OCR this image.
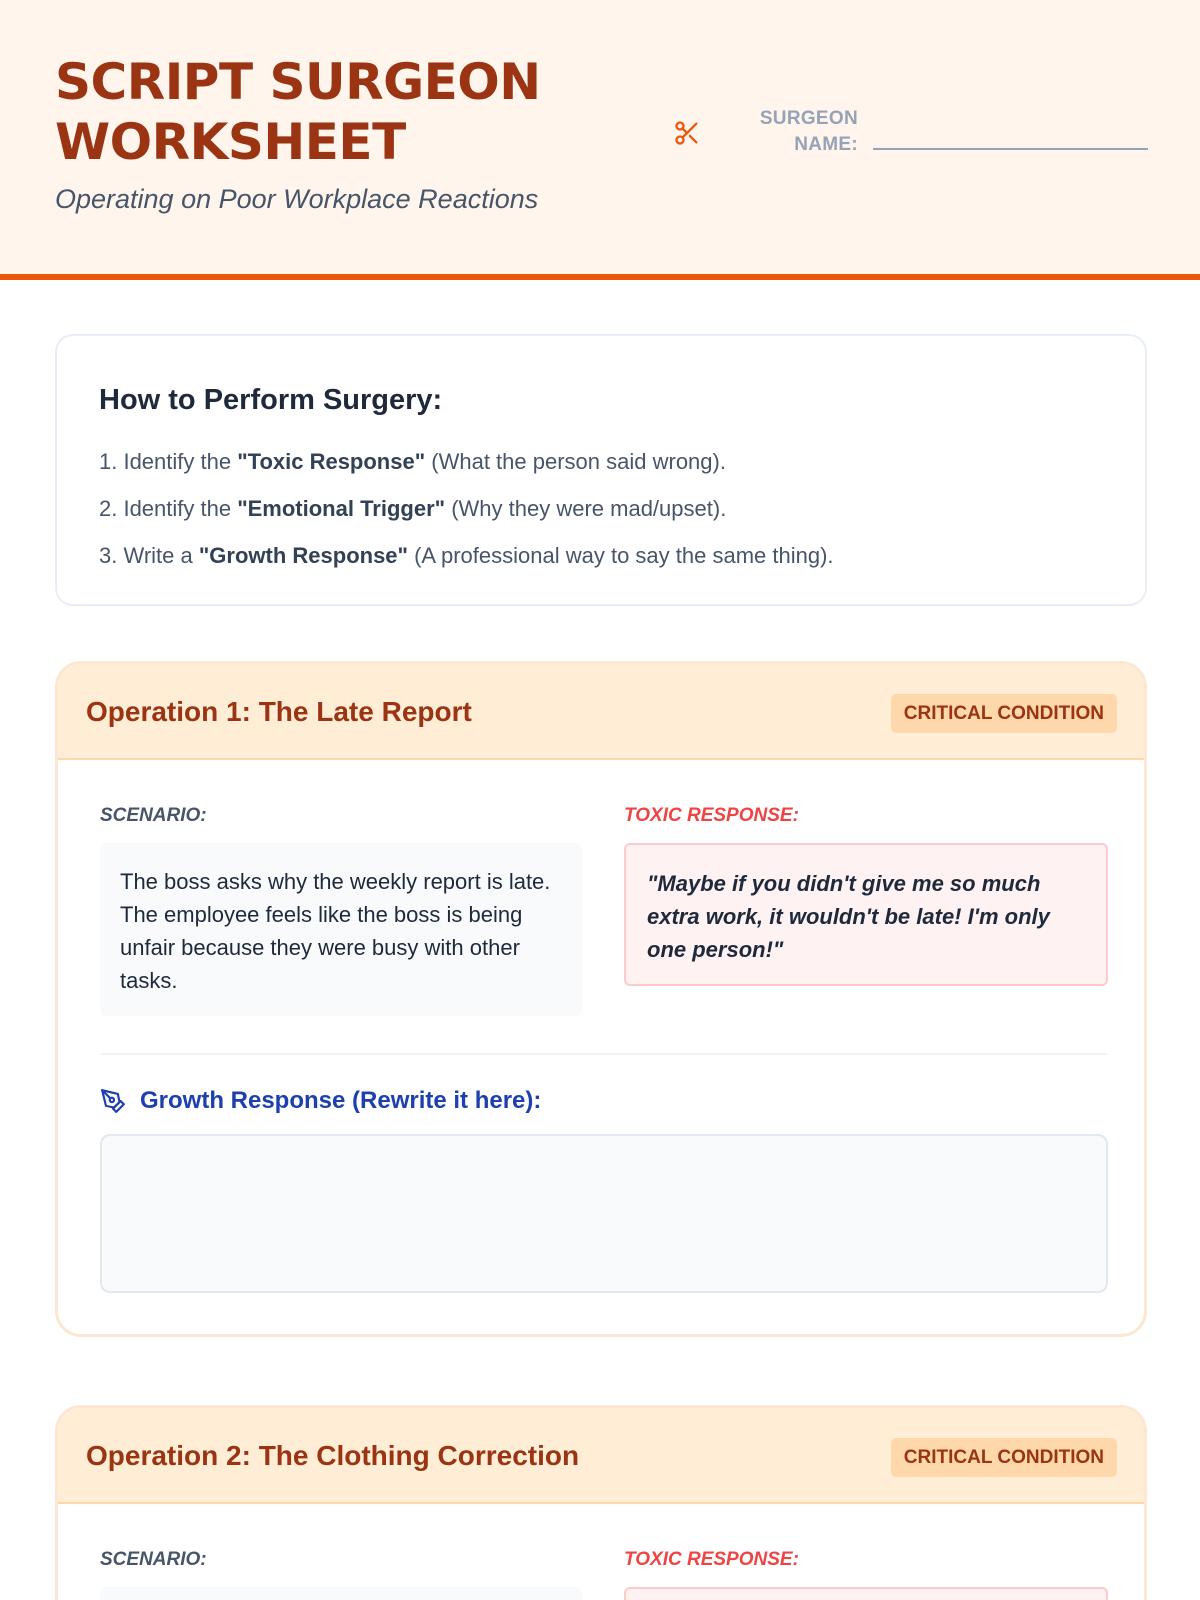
SCRIPT SURGEON
WORKSHEET
Operating on Poor Workplace Reactions
SURGEON
NAME:
How to Perform Surgery:
1. Identify the "Toxic Response" (What the person said wrong).
2. Identify the "Emotional Trigger" (Why they were mad/upset).
3. Write a "Growth Response" (A professional way to say the same thing).
Operation 1: The Late Report	CRITICAL CONDITION
SCENARIO:	TOXIC RESPONSE:
The boss asks why the weekly report is late. The employee feels like the boss is being unfair because they were busy with other tasks.
"Maybe if you didn't give me so much extra work, it wouldn't be late! I'm only one person!"
Growth Response (Rewrite it here):
Operation 2: The Clothing Correction	CRITICAL CONDITION
SCENARIO:	TOXIC RESPONSE:
